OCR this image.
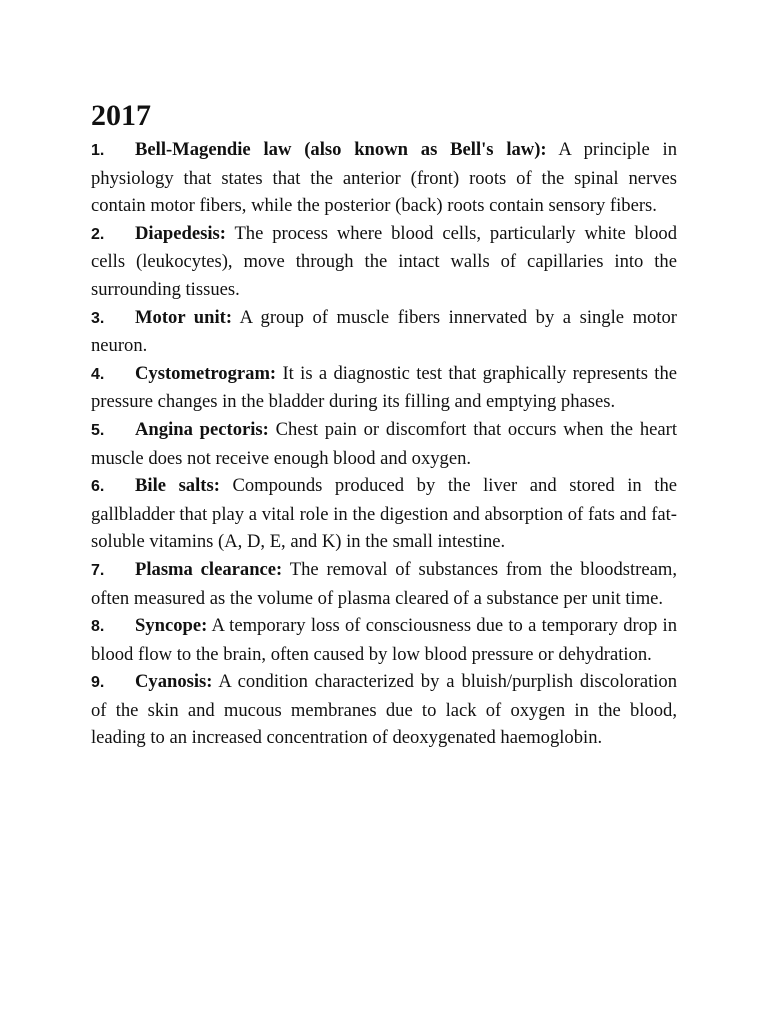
2017
1. Bell-Magendie law (also known as Bell's law): A principle in physiology that states that the anterior (front) roots of the spinal nerves contain motor fibers, while the posterior (back) roots contain sensory fibers.
2. Diapedesis: The process where blood cells, particularly white blood cells (leukocytes), move through the intact walls of capillaries into the surrounding tissues.
3. Motor unit: A group of muscle fibers innervated by a single motor neuron.
4. Cystometrogram: It is a diagnostic test that graphically represents the pressure changes in the bladder during its filling and emptying phases.
5. Angina pectoris: Chest pain or discomfort that occurs when the heart muscle does not receive enough blood and oxygen.
6. Bile salts: Compounds produced by the liver and stored in the gallbladder that play a vital role in the digestion and absorption of fats and fat-soluble vitamins (A, D, E, and K) in the small intestine.
7. Plasma clearance: The removal of substances from the bloodstream, often measured as the volume of plasma cleared of a substance per unit time.
8. Syncope: A temporary loss of consciousness due to a temporary drop in blood flow to the brain, often caused by low blood pressure or dehydration.
9. Cyanosis: A condition characterized by a bluish/purplish discoloration of the skin and mucous membranes due to lack of oxygen in the blood, leading to an increased concentration of deoxygenated haemoglobin.
